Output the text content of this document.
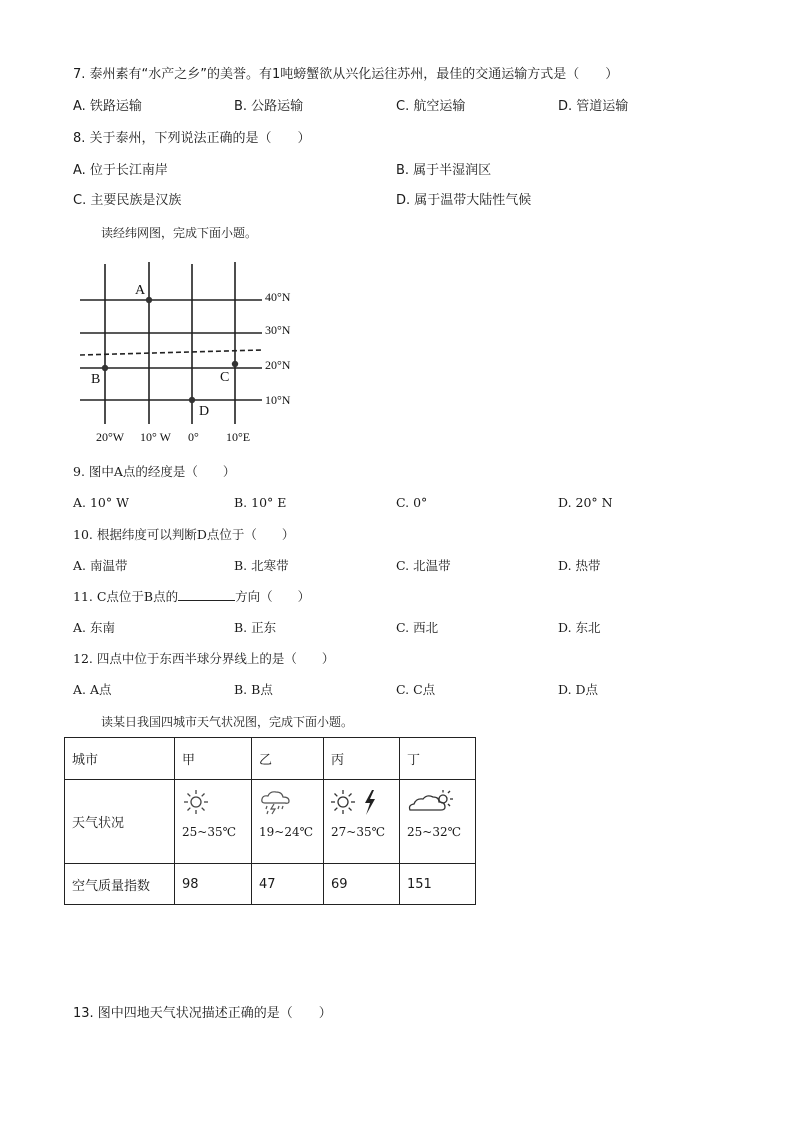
7. 泰州素有“水产之乡”的美誉。有1吨螃蟹欲从兴化运往苏州，最佳的交通运输方式是（　　）
A. 铁路运输	B. 公路运输	C. 航空运输	D. 管道运输
8. 关于泰州，下列说法正确的是（　　）
A. 位于长江南岸	B. 属于半湿润区
C. 主要民族是汉族	D. 属于温带大陆性气候
读经纬网图，完成下面小题。
A
B	C
D
40°N
30°N
20°N
10°N
20°W 10° W 0° 10°E
9. 图中A点的经度是（　　）
A. 10° W	B. 10° E	C. 0°	D. 20° N
10. 根据纬度可以判断D点位于（　　）
A. 南温带	B. 北寒带	C. 北温带	D. 热带
11. C点位于B点的	方向（　　）
A. 东南	B. 正东	C. 西北	D. 东北
12. 四点中位于东西半球分界线上的是（　　）
A. A点	B. B点	C. C点	D. D点
读某日我国四城市天气状况图，完成下面小题。
城市	甲	乙	丙	丁
天气状况	25~35℃	19~24℃	27~35℃	25~32℃

空气质量指数	98	47	69	151
13. 图中四地天气状况描述正确的是（　　）
